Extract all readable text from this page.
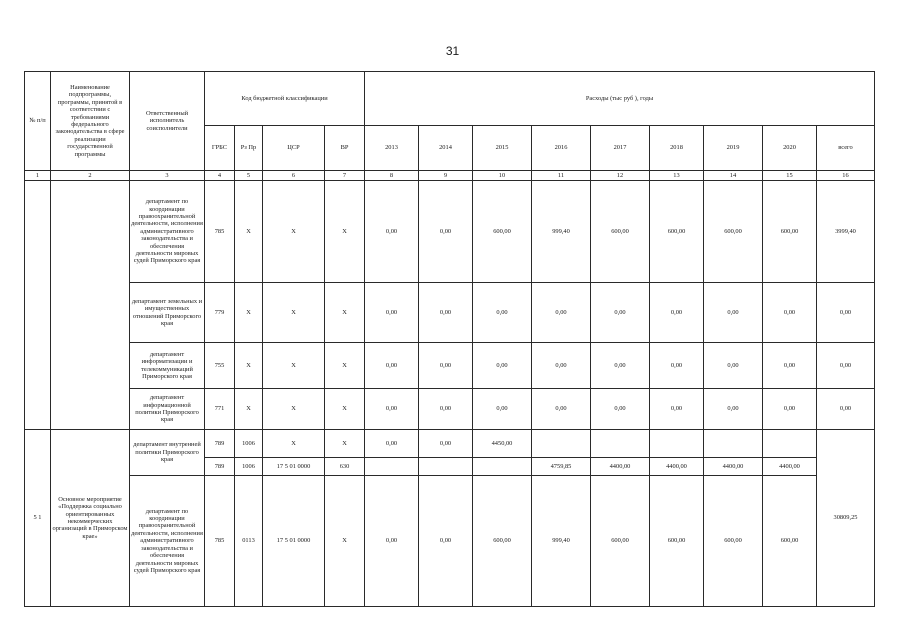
31
№ п/п	Наименование подпрограммы, программы, принятой в соответствии с требованиями федерального законодательства в сфере реализации государственной программы	Ответственный исполнитель соисполнители	Код бюджетной классификации				Расходы (тыс руб ), годы								
			ГРБС	Рз Пр	ЦСР	ВР	2013	2014	2015	2016	2017	2018	2019	2020	всего
1	2	3	4	5	6	7	8	9	10	11	12	13	14	15	16
		департамент по координации правоохранительной деятельности, исполнения административного законодательства и обеспечения деятельности мировых судей Приморского края	785	X	X	X	0,00	0,00	600,00	999,40	600,00	600,00	600,00	600,00	3999,40
		департамент земельных и имущественных отношений Приморского края	779	X	X	X	0,00	0,00	0,00	0,00	0,00	0,00	0,00	0,00	0,00
		департамент информатизации и телекоммуникаций Приморского края	755	X	X	X	0,00	0,00	0,00	0,00	0,00	0,00	0,00	0,00	0,00
		департамент информационной политики Приморского края	771	X	X	X	0,00	0,00	0,00	0,00	0,00	0,00	0,00	0,00	0,00
5 1	Основное мероприятие «Поддержка социально ориентированных некоммерческих организаций в Приморском крае»	департамент внутренней политики Приморского края	789	1006	X	X	0,00	0,00	4450,00						30809,25
			789	1006	17 5 01 0000	630				4759,85	4400,00	4400,00	4400,00	4400,00	
		департамент по координации правоохранительной деятельности, исполнения административного законодательства и обеспечения деятельности мировых судей Приморского края	785	0113	17 5 01 0000	X	0,00	0,00	600,00	999,40	600,00	600,00	600,00	600,00	
